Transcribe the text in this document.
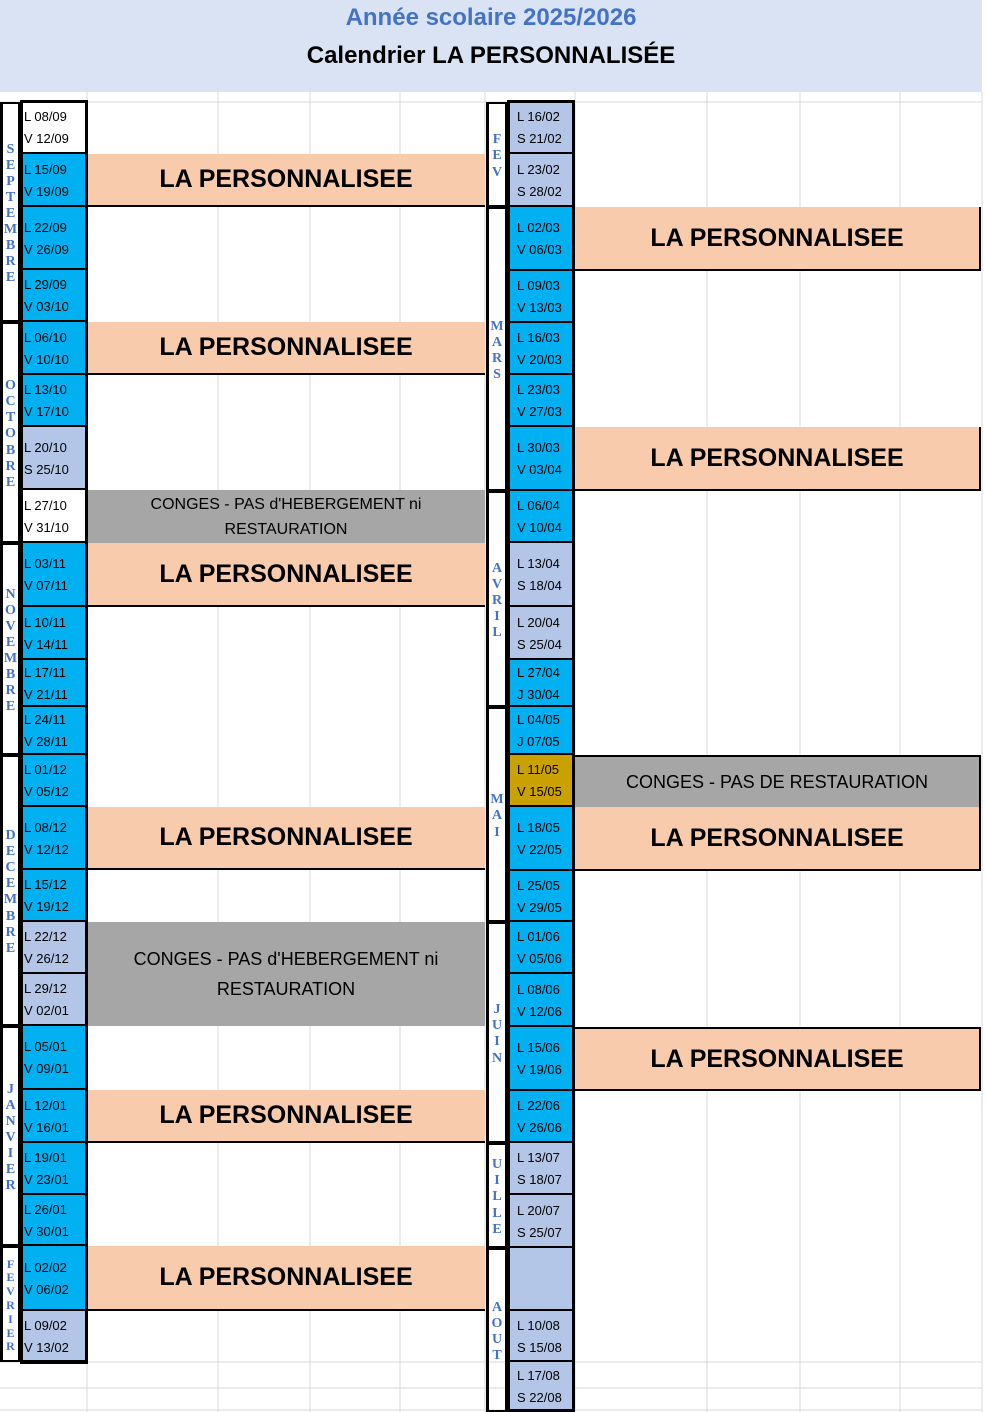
Année scolaire 2025/2026
Calendrier LA PERSONNALISÉE
S
E
P
T
E
M
B
R
E
O
C
T
O
B
R
E
N
O
V
E
M
B
R
E
D
E
C
E
M
B
R
E
J
A
N
V
I
E
R
F
E
V
R
I
E
R
L 08/09
V 12/09
L 15/09
V 19/09
L 22/09
V 26/09
L 29/09
V 03/10
L 06/10
V 10/10
L 13/10
V 17/10
L 20/10
S 25/10
L 27/10
V 31/10
L 03/11
V 07/11
L 10/11
V 14/11
L 17/11
V 21/11
L 24/11
V 28/11
L 01/12
V 05/12
L 08/12
V 12/12
L 15/12
V 19/12
L 22/12
V 26/12
L 29/12
V 02/01
L 05/01
V 09/01
L 12/01
V 16/01
L 19/01
V 23/01
L 26/01
V 30/01
L 02/02
V 06/02
L 09/02
V 13/02
F
E
V
M
A
R
S
A
V
R
I
L
M
A
I
J
U
I
N
U
I
L
L
E
A
O
U
T
L 16/02
S 21/02
L 23/02
S 28/02
L 02/03
V 06/03
L 09/03
V 13/03
L 16/03
V 20/03
L 23/03
V 27/03
L 30/03
V 03/04
L 06/04
V 10/04
L 13/04
S 18/04
L 20/04
S 25/04
L 27/04
J 30/04
L 04/05
J 07/05
L 11/05
V 15/05
L 18/05
V 22/05
L 25/05
V 29/05
L 01/06
V 05/06
L 08/06
V 12/06
L 15/06
V 19/06
L 22/06
V 26/06
L 13/07
S 18/07
L 20/07
S 25/07
L 10/08
S 15/08
L 17/08
S 22/08
LA PERSONNALISEE
LA PERSONNALISEE
CONGES - PAS d'HEBERGEMENT ni
RESTAURATION
LA PERSONNALISEE
LA PERSONNALISEE
CONGES - PAS d'HEBERGEMENT ni
RESTAURATION
LA PERSONNALISEE
LA PERSONNALISEE
LA PERSONNALISEE
LA PERSONNALISEE
CONGES - PAS DE RESTAURATION
LA PERSONNALISEE
LA PERSONNALISEE
